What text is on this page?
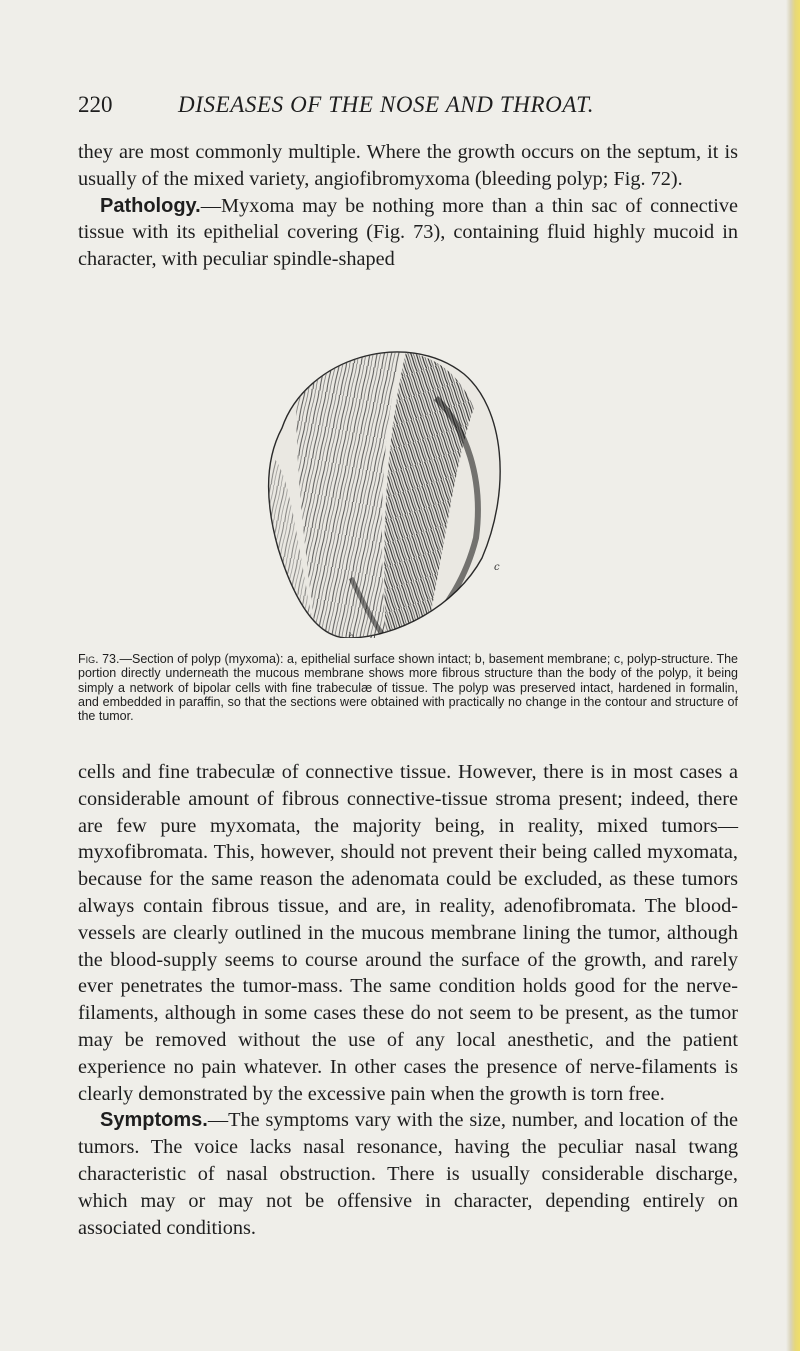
220	DISEASES OF THE NOSE AND THROAT.

they are most commonly multiple. Where the growth occurs on the septum, it is usually of the mixed variety, angiofibromyxoma (bleeding polyp; Fig. 72).

Pathology.—Myxoma may be nothing more than a thin sac of connective tissue with its epithelial covering (Fig. 73), containing fluid highly mucoid in character, with peculiar spindle-shaped

b a
c
Fig. 73.—Section of polyp (myxoma): a, epithelial surface shown intact; b, basement membrane; c, polyp-structure. The portion directly underneath the mucous membrane shows more fibrous structure than the body of the polyp, it being simply a network of bipolar cells with fine trabeculæ of tissue. The polyp was preserved intact, hardened in formalin, and embedded in paraffin, so that the sections were obtained with practically no change in the contour and structure of the tumor.

cells and fine trabeculæ of connective tissue. However, there is in most cases a considerable amount of fibrous connective-tissue stroma present; indeed, there are few pure myxomata, the majority being, in reality, mixed tumors—myxofibromata. This, however, should not prevent their being called myxomata, because for the same reason the adenomata could be excluded, as these tumors always contain fibrous tissue, and are, in reality, adenofibromata. The blood-vessels are clearly outlined in the mucous membrane lining the tumor, although the blood-supply seems to course around the surface of the growth, and rarely ever penetrates the tumor-mass. The same condition holds good for the nerve-filaments, although in some cases these do not seem to be present, as the tumor may be removed without the use of any local anesthetic, and the patient experience no pain whatever. In other cases the presence of nerve-filaments is clearly demonstrated by the excessive pain when the growth is torn free.

Symptoms.—The symptoms vary with the size, number, and location of the tumors. The voice lacks nasal resonance, having the peculiar nasal twang characteristic of nasal obstruction. There is usually considerable discharge, which may or may not be offensive in character, depending entirely on associated conditions.
